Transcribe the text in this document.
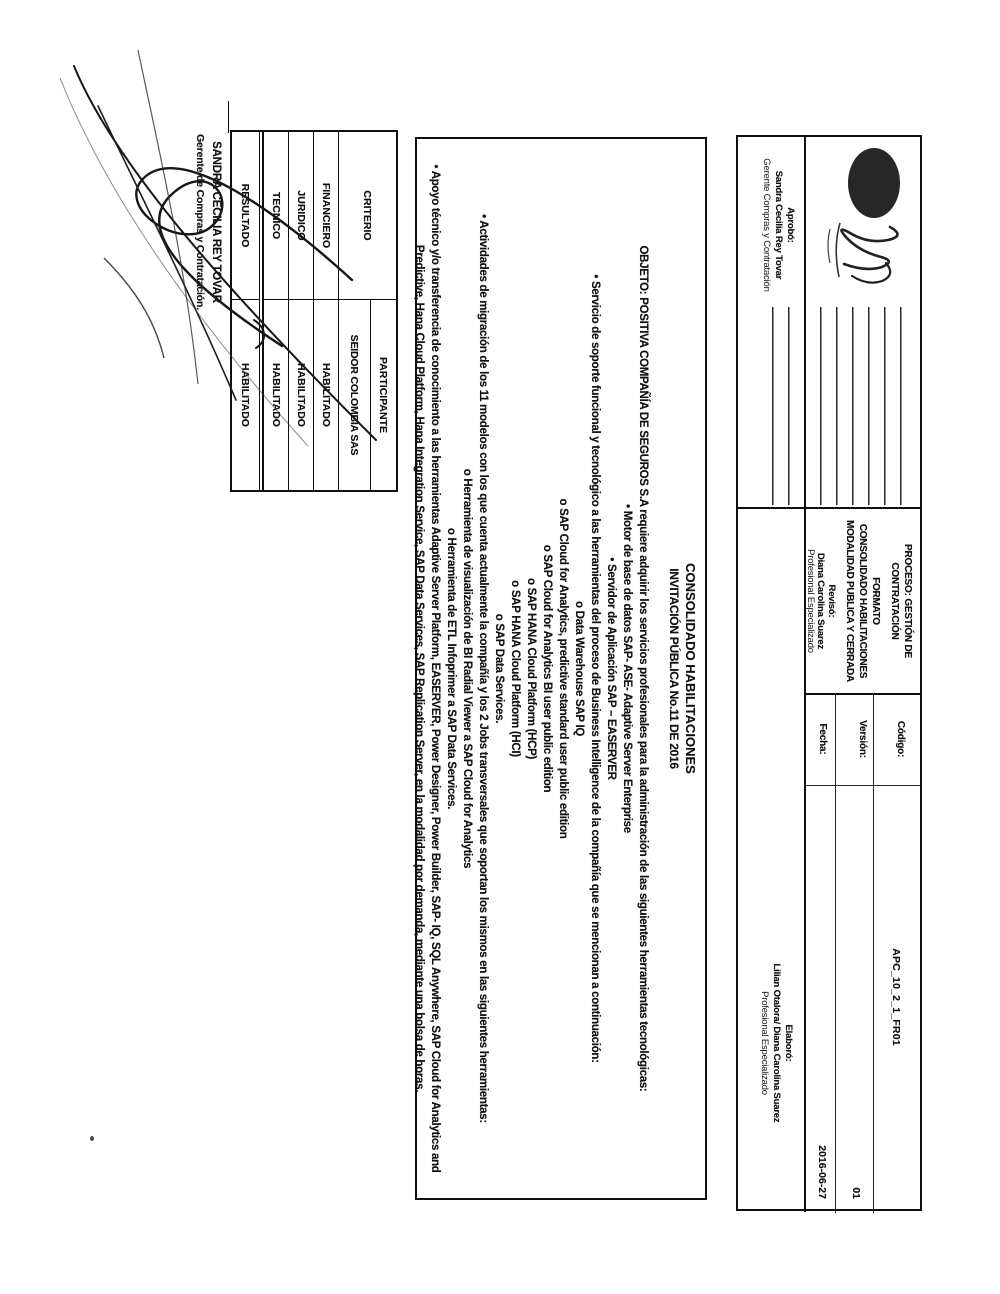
PROCESO: GESTIÓN DE CONTRATACIÓN
FORMATO
CONSOLIDADO HABILITACIONES
MODALIDAD PUBLICA Y CERRADA
Revisó:
Diana Carolina Suarez
Profesional Especializado
Código:
APC_10_2_1_FR01
Versión:
01
Fecha:
2016-06-27
Aprobó:
Sandra Cecilia Rey Tovar
Gerente Compras y Contratación
Elaboró:
Lilian Otalora/ Diana Carolina Suarez
Profesional Especializado
CONSOLIDADO HABILITACIONES
INVITACIÓN PÚBLICA No.11 DE 2016
OBJETO: POSITIVA COMPAÑÍA DE SEGUROS S.A requiere adquirir los servicios profesionales para la administración de las siguientes herramientas tecnológicas:
• Motor de base de datos SAP- ASE- Adaptive Server Enterprise
• Servidor de Aplicación SAP – EASERVER
• Servicio de soporte funcional y tecnológico a las herramientas del proceso de Business Intelligence de la compañía que se mencionan a continuación:
o Data Warehouse SAP IQ
o SAP Cloud for Analytics, predictive standard user public edition
o SAP Cloud for Analytics BI user public edition
o SAP HANA Cloud Platform (HCP)
o SAP HANA Cloud Platform (HCI)
o SAP Data Services.
• Actividades de migración de los 11 modelos con los que cuenta actualmente la compañía y los 2 Jobs transversales que soportan los mismos en las siguientes herramientas:
o Herramienta de visualización de BI Radial Viewer a SAP Cloud for Analytics
o Herramienta de ETL Infoprimer a SAP Data Services.
• Apoyo técnico y/o transferencia de conocimiento a las herramientas Adaptive Server Platform, EASERVER, Power Designer, Power Builder, SAP- IQ, SQL Anywhere, SAP Cloud for Analytics and Predictive, Hana Cloud Platform, Hana Integration Service, SAP Data Services, SAP Replication Server, en la modalidad por demanda, mediante una bolsa de horas.
CRITERIO
PARTICIPANTE
SEIDOR COLOMBIA SAS
FINANCIERO
HABILITADO
JURIDICO
HABILITADO
TECNICO
HABILITADO
RESULTADO
HABILITADO
SANDRA CECILIA REY TOVAR
Gerente de Compras y Contratación.
